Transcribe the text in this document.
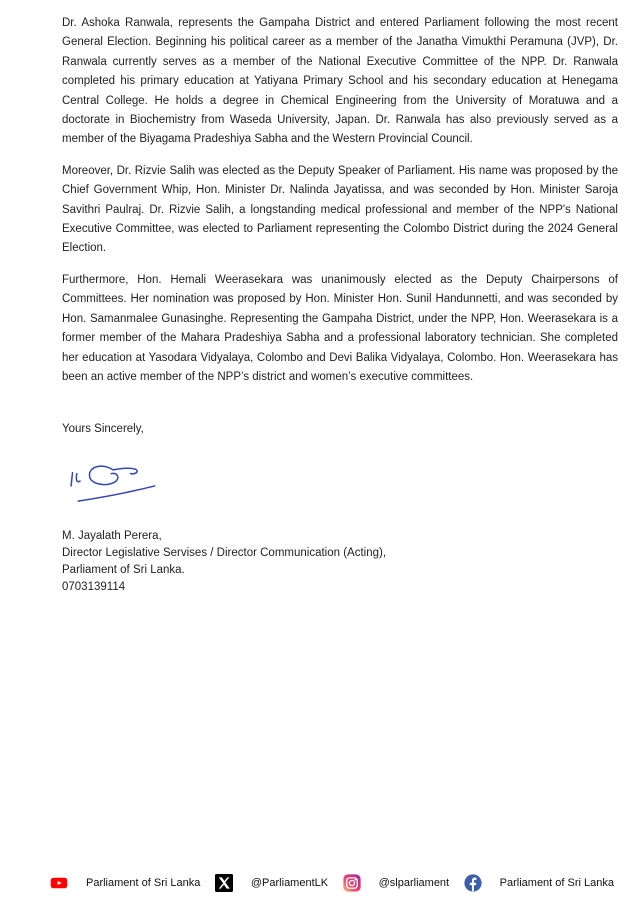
Dr. Ashoka Ranwala, represents the Gampaha District and entered Parliament following the most recent General Election. Beginning his political career as a member of the Janatha Vimukthi Peramuna (JVP), Dr. Ranwala currently serves as a member of the National Executive Committee of the NPP. Dr. Ranwala completed his primary education at Yatiyana Primary School and his secondary education at Henegama Central College. He holds a degree in Chemical Engineering from the University of Moratuwa and a doctorate in Biochemistry from Waseda University, Japan. Dr. Ranwala has also previously served as a member of the Biyagama Pradeshiya Sabha and the Western Provincial Council.

Moreover, Dr. Rizvie Salih was elected as the Deputy Speaker of Parliament. His name was proposed by the Chief Government Whip, Hon. Minister Dr. Nalinda Jayatissa, and was seconded by Hon. Minister Saroja Savithri Paulraj. Dr. Rizvie Salih, a longstanding medical professional and member of the NPP's National Executive Committee, was elected to Parliament representing the Colombo District during the 2024 General Election.

Furthermore, Hon. Hemali Weerasekara was unanimously elected as the Deputy Chairpersons of Committees. Her nomination was proposed by Hon. Minister Hon. Sunil Handunnetti, and was seconded by Hon. Samanmalee Gunasinghe. Representing the Gampaha District, under the NPP, Hon. Weerasekara is a former member of the Mahara Pradeshiya Sabha and a professional laboratory technician. She completed her education at Yasodara Vidyalaya, Colombo and Devi Balika Vidyalaya, Colombo. Hon. Weerasekara has been an active member of the NPP’s district and women’s executive committees.

Yours Sincerely,
M. Jayalath Perera,
Director Legislative Servises / Director Communication (Acting),
Parliament of Sri Lanka.
0703139114
Parliament of Sri Lanka	@ParliamentLK	@slparliament	Parliament of Sri Lanka
